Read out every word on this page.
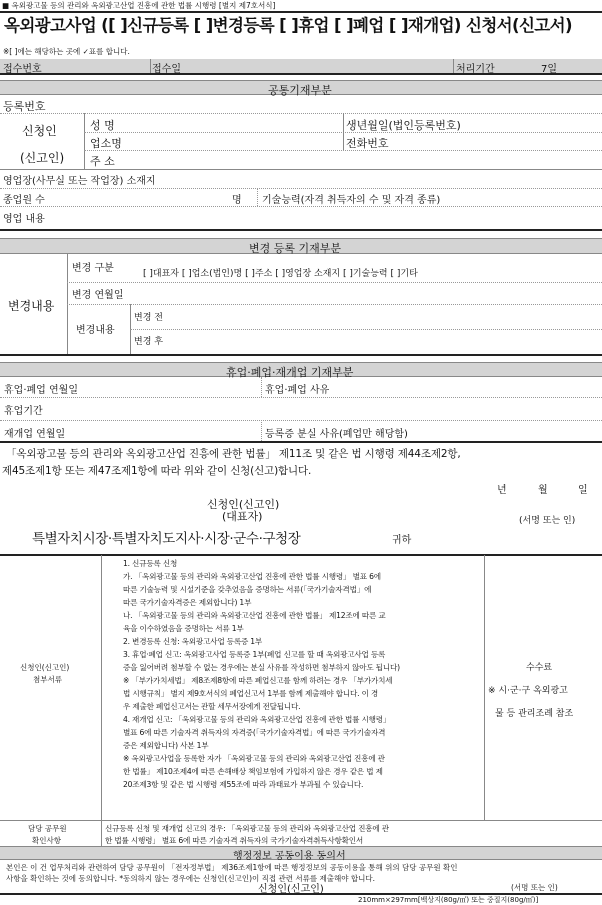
■ 옥외광고물 등의 관리와 옥외광고산업 진흥에 관한 법률 시행령 [별지 제7호서식]
옥외광고사업 ([ ]신규등록 [ ]변경등록 [ ]휴업 [ ]폐업 [ ]재개업) 신청서(신고서)
※[ ]에는 해당하는 곳에 ✓표를 합니다.
접수번호	접수일	처리기간	7일
공통기재부분
등록번호
신청인
(신고인)
성 명	생년월일(법인등록번호)
업소명	전화번호
주 소
영업장(사무실 또는 작업장) 소재지
종업원 수	명 기술능력(자격 취득자의 수 및 자격 종류)
영업 내용
변경 등록 기재부분
변경내용
변경 구분	[ ]대표자 [ ]업소(법인)명 [ ]주소 [ ]영업장 소재지 [ ]기술능력 [ ]기타
변경 연월일
변경내용
변경 전
변경 후
휴업·폐업·재개업 기재부분
휴업·폐업 연월일	휴업·폐업 사유
휴업기간
재개업 연월일	등록증 분실 사유(폐업만 해당함)
「옥외광고물 등의 관리와 옥외광고산업 진흥에 관한 법률」 제11조 및 같은 법 시행령 제44조제2항,
제45조제1항 또는 제47조제1항에 따라 위와 같이 신청(신고)합니다.
년	월	일
신청인(신고인)
(대표자)	(서명 또는 인)
특별자치시장·특별자치도지사·시장·군수·구청장	귀하
신청인(신고인)
첨부서류
1. 신규등록 신청
가. 「옥외광고물 등의 관리와 옥외광고산업 진흥에 관한 법률 시행령」 별표 6에
따른 기술능력 및 시설기준을 갖추었음을 증명하는 서류(「국가기술자격법」에
따른 국가기술자격증은 제외합니다) 1부
나. 「옥외광고물 등의 관리와 옥외광고산업 진흥에 관한 법률」 제12조에 따른 교
육을 이수하였음을 증명하는 서류 1부
2. 변경등록 신청: 옥외광고사업 등록증 1부
3. 휴업·폐업 신고: 옥외광고사업 등록증 1부(폐업 신고를 할 때 옥외광고사업 등록
증을 잃어버려 첨부할 수 없는 경우에는 분실 사유를 작성하면 첨부하지 않아도 됩니다)
※ 「부가가치세법」 제8조제8항에 따른 폐업신고를 함께 하려는 경우 「부가가치세
법 시행규칙」 별지 제9호서식의 폐업신고서 1부를 함께 제출해야 합니다. 이 경
우 제출한 폐업신고서는 관할 세무서장에게 전달됩니다.
4. 재개업 신고: 「옥외광고물 등의 관리와 옥외광고산업 진흥에 관한 법률 시행령」
별표 6에 따른 기술자격 취득자의 자격증(「국가기술자격법」에 따른 국가기술자격
증은 제외합니다) 사본 1부
※ 옥외광고사업을 등록한 자가 「옥외광고물 등의 관리와 옥외광고산업 진흥에 관
한 법률」 제10조제4에 따른 손해배상 책임보험에 가입하지 않은 경우 같은 법 제
20조제3항 및 같은 법 시행령 제55조에 따라 과태료가 부과될 수 있습니다.
수수료
※ 시·군·구 옥외광고
물 등 관리조례 참조
담당 공무원
확인사항
신규등록 신청 및 재개업 신고의 경우: 「옥외광고물 등의 관리와 옥외광고산업 진흥에 관
한 법률 시행령」 별표 6에 따른 기술자격 취득자의 국가기술자격취득사항확인서
행정정보 공동이용 동의서
본인은 이 건 업무처리와 관련하여 담당 공무원이 「전자정부법」 제36조제1항에 따른 행정정보의 공동이용을 통해 위의 담당 공무원 확인
사항을 확인하는 것에 동의합니다. *동의하지 않는 경우에는 신청인(신고인)이 직접 관련 서류를 제출해야 합니다.
신청인(신고인)	(서명 또는 인)
210mm×297mm[백상지(80g/㎡) 또는 중질지(80g/㎡)]
